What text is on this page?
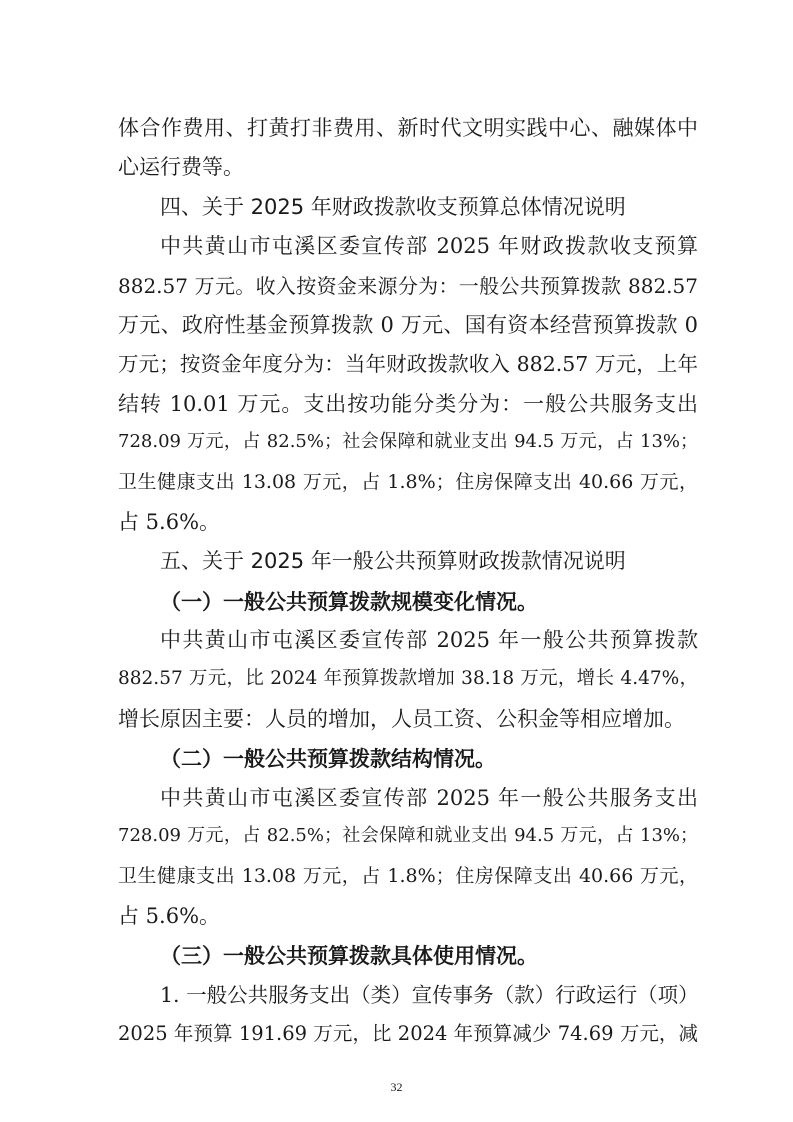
体合作费用、打黄打非费用、新时代文明实践中心、融媒体中
心运行费等。
四、关于 2025 年财政拨款收支预算总体情况说明
中共黄山市屯溪区委宣传部 2025 年财政拨款收支预算
882.57 万元。收入按资金来源分为：一般公共预算拨款 882.57
万元、政府性基金预算拨款 0 万元、国有资本经营预算拨款 0
万元；按资金年度分为：当年财政拨款收入 882.57 万元，上年
结转 10.01 万元。支出按功能分类分为：一般公共服务支出
728.09 万元，占 82.5%；社会保障和就业支出 94.5 万元，占 13%；
卫生健康支出 13.08 万元，占 1.8%；住房保障支出 40.66 万元，
占 5.6%。
五、关于 2025 年一般公共预算财政拨款情况说明
（一）一般公共预算拨款规模变化情况。
中共黄山市屯溪区委宣传部 2025 年一般公共预算拨款
882.57 万元，比 2024 年预算拨款增加 38.18 万元，增长 4.47%，
增长原因主要：人员的增加，人员工资、公积金等相应增加。
（二）一般公共预算拨款结构情况。
中共黄山市屯溪区委宣传部 2025 年一般公共服务支出
728.09 万元，占 82.5%；社会保障和就业支出 94.5 万元，占 13%；
卫生健康支出 13.08 万元，占 1.8%；住房保障支出 40.66 万元，
占 5.6%。
（三）一般公共预算拨款具体使用情况。
1. 一般公共服务支出（类）宣传事务（款）行政运行（项）
2025 年预算 191.69 万元，比 2024 年预算减少 74.69 万元，减
32
